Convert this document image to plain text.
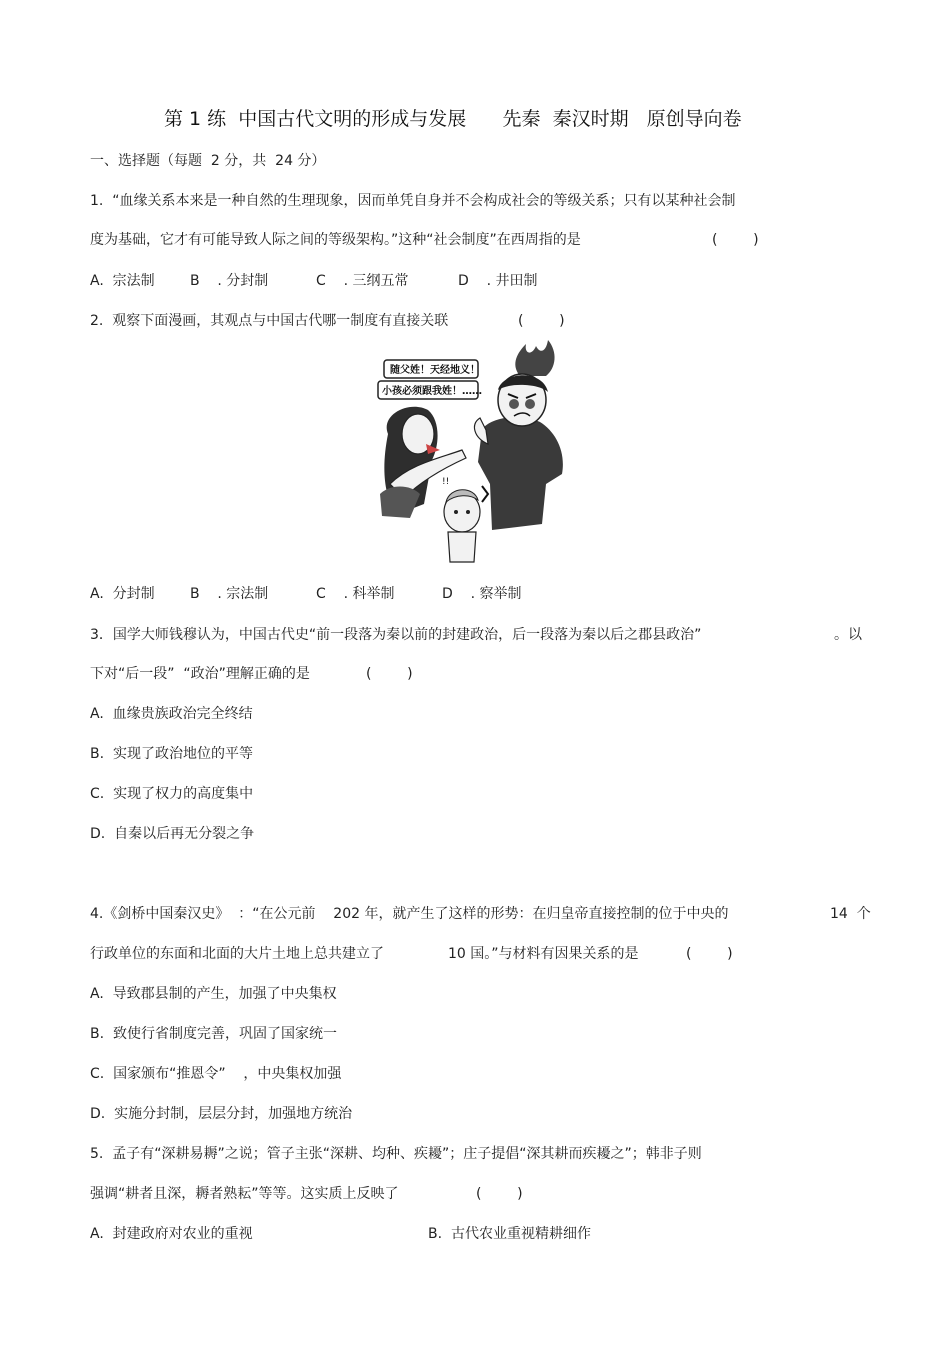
第 1 练  中国古代文明的形成与发展      先秦  秦汉时期   原创导向卷
一、选择题（每题  2 分，共  24 分）
1.  “血缘关系本来是一种自然的生理现象，因而单凭自身并不会构成社会的等级关系；只有以某种社会制
度为基础，它才有可能导致人际之间的等级架构。”这种“社会制度”在西周指的是	(        )
A.  宗法制	B    . 分封制	C    . 三纲五常	D    . 井田制
2.  观察下面漫画，其观点与中国古代哪一制度有直接关联	(        )
随父姓！天经地义！
小孩必须跟我姓！……
!!
A.  分封制	B    . 宗法制	C    . 科举制	D    . 察举制
3．国学大师钱穆认为，中国古代史“前一段落为秦以前的封建政治，后一段落为秦以后之郡县政治”	。以
下对“后一段”  “政治”理解正确的是	(        )
A.  血缘贵族政治完全终结
B.  实现了政治地位的平等
C.  实现了权力的高度集中
D.  自秦以后再无分裂之争
4.《剑桥中国秦汉史》  ：“在公元前    202 年，就产生了这样的形势：在归皇帝直接控制的位于中央的	14  个
行政单位的东面和北面的大片土地上总共建立了	10 国。”与材料有因果关系的是	(        )
A.  导致郡县制的产生，加强了中央集权
B.  致使行省制度完善，巩固了国家统一
C.  国家颁布“推恩令”    ，中央集权加强
D.  实施分封制，层层分封，加强地方统治
5.  孟子有“深耕易耨”之说；管子主张“深耕、均种、疾耰”；庄子提倡“深其耕而疾耰之”；韩非子则
强调“耕者且深，耨者熟耘”等等。这实质上反映了	(        )
A.  封建政府对农业的重视	B.  古代农业重视精耕细作
